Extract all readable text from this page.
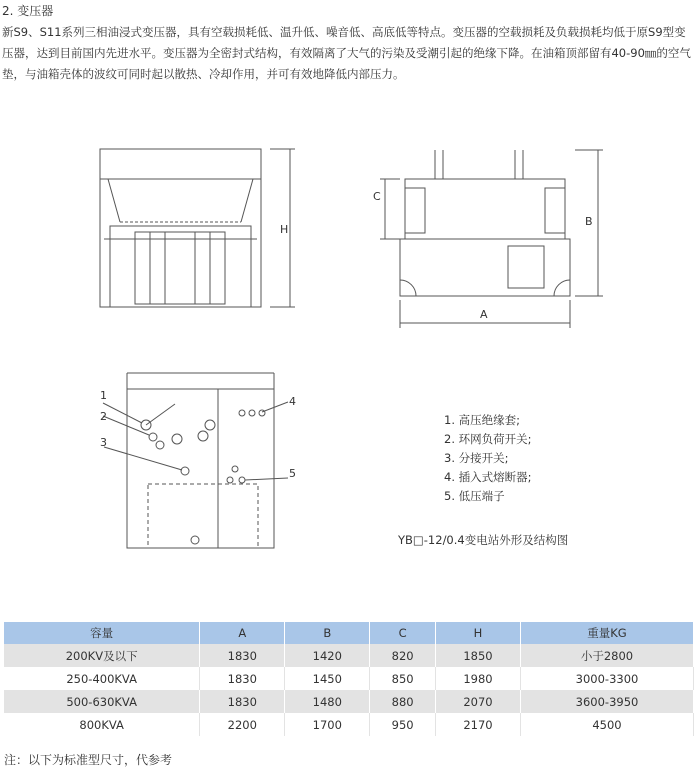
2. 变压器
新S9、S11系列三相油浸式变压器，具有空载损耗低、温升低、噪音低、高底低等特点。变压器的空载损耗及负载损耗均低于原S9型变压器，达到目前国内先进水平。变压器为全密封式结构，有效隔离了大气的污染及受潮引起的绝缘下降。在油箱顶部留有40-90㎜的空气垫，与油箱壳体的波纹可同时起以散热、冷却作用，并可有效地降低内部压力。
H
C
B
A
1
2
3
4
5
1. 高压绝缘套;
2. 环网负荷开关;
3. 分接开关;
4. 插入式熔断器;
5. 低压端子
YB□-12/0.4变电站外形及结构图
容量	A	B	C	H	重量KG
200KV及以下	1830	1420	820	1850	小于2800
250-400KVA	1830	1450	850	1980	3000-3300
500-630KVA	1830	1480	880	2070	3600-3950
800KVA	2200	1700	950	2170	4500
注：以下为标准型尺寸，代参考
